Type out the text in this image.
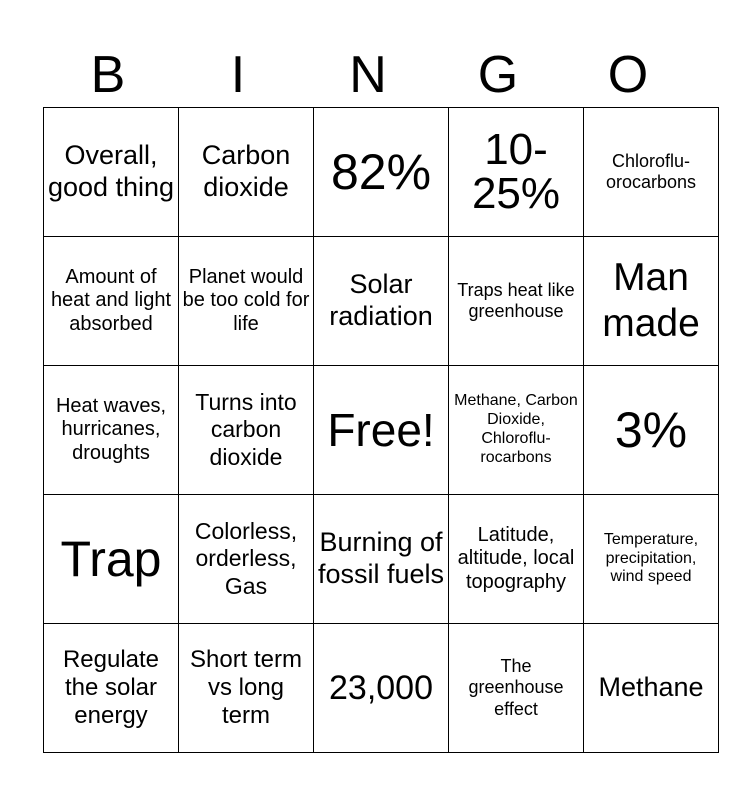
B	I	N	G	O
Overall, good thing	Carbon dioxide	82%	10-25%	Chloroflu-orocarbons
Amount of heat and light absorbed	Planet would be too cold for life	Solar radiation	Traps heat like greenhouse	Man made
Heat waves, hurricanes, droughts	Turns into carbon dioxide	Free!	Methane, Carbon Dioxide, Chloroflu-rocarbons	3%
Trap	Colorless, orderless, Gas	Burning of fossil fuels	Latitude, altitude, local topography	Temperature, precipitation, wind speed
Regulate the solar energy	Short term vs long term	23,000	The greenhouse effect	Methane
